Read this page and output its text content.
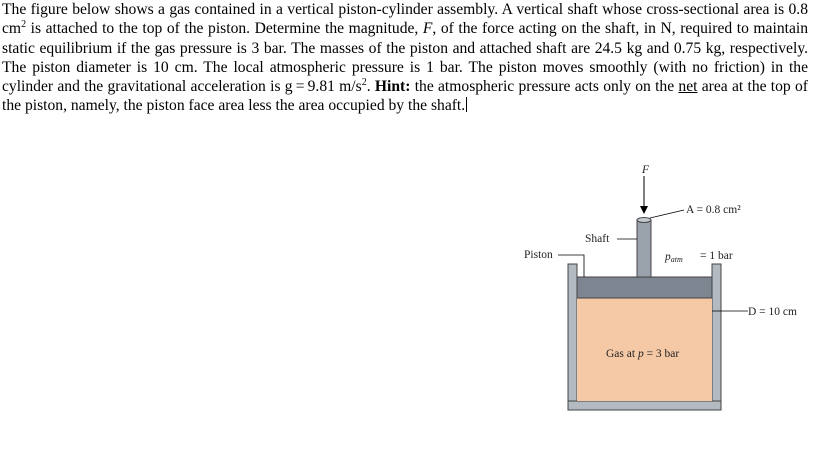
The figure below shows a gas contained in a vertical piston-cylinder assembly. A vertical shaft whose cross-sectional area is 0.8 $cm^2$ is attached to the top of the piston. Determine the magnitude, F, of the force acting on the shaft, in N, required to maintain static equilibrium if the gas pressure is 3 bar. The masses of the piston and attached shaft are 24.5 kg and 0.75 kg, respectively. The piston diameter is 10 cm. The local atmospheric pressure is 1 bar. The piston moves smoothly (with no friction) in the cylinder and the gravitational acceleration is g = 9.81 $m/s^2$. Hint: the atmospheric pressure acts only on the net area at the top of the piston, namely, the piston face area less the area occupied by the shaft.
F
A = 0.8 cm²
Shaft
Piston	patm = 1 bar
D = 10 cm
Gas at p = 3 bar
